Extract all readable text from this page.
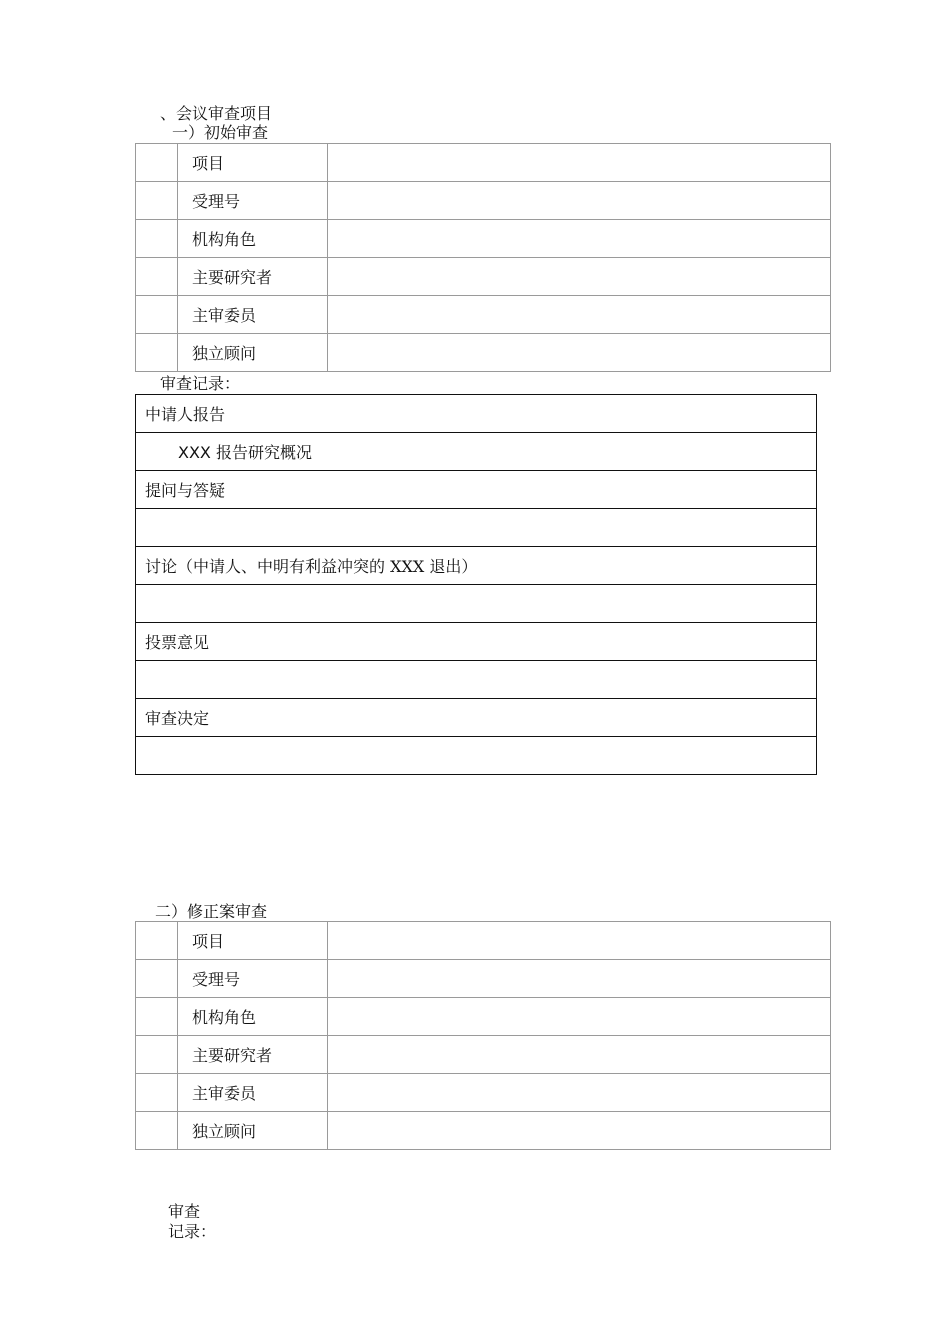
、会议审查项目
一）初始审查
	项目	
	受理号	
	机构角色	
	主要研究者	
	主审委员	
	独立顾问	
审查记录：
中请人报告
XXX 报告研究概况
提问与答疑

讨论（中请人、中明有利益冲突的 XXX 退出）

投票意见

审查决定

二）修正案审查
	项目	
	受理号	
	机构角色	
	主要研究者	
	主审委员	
	独立顾问	
审查
记录：
